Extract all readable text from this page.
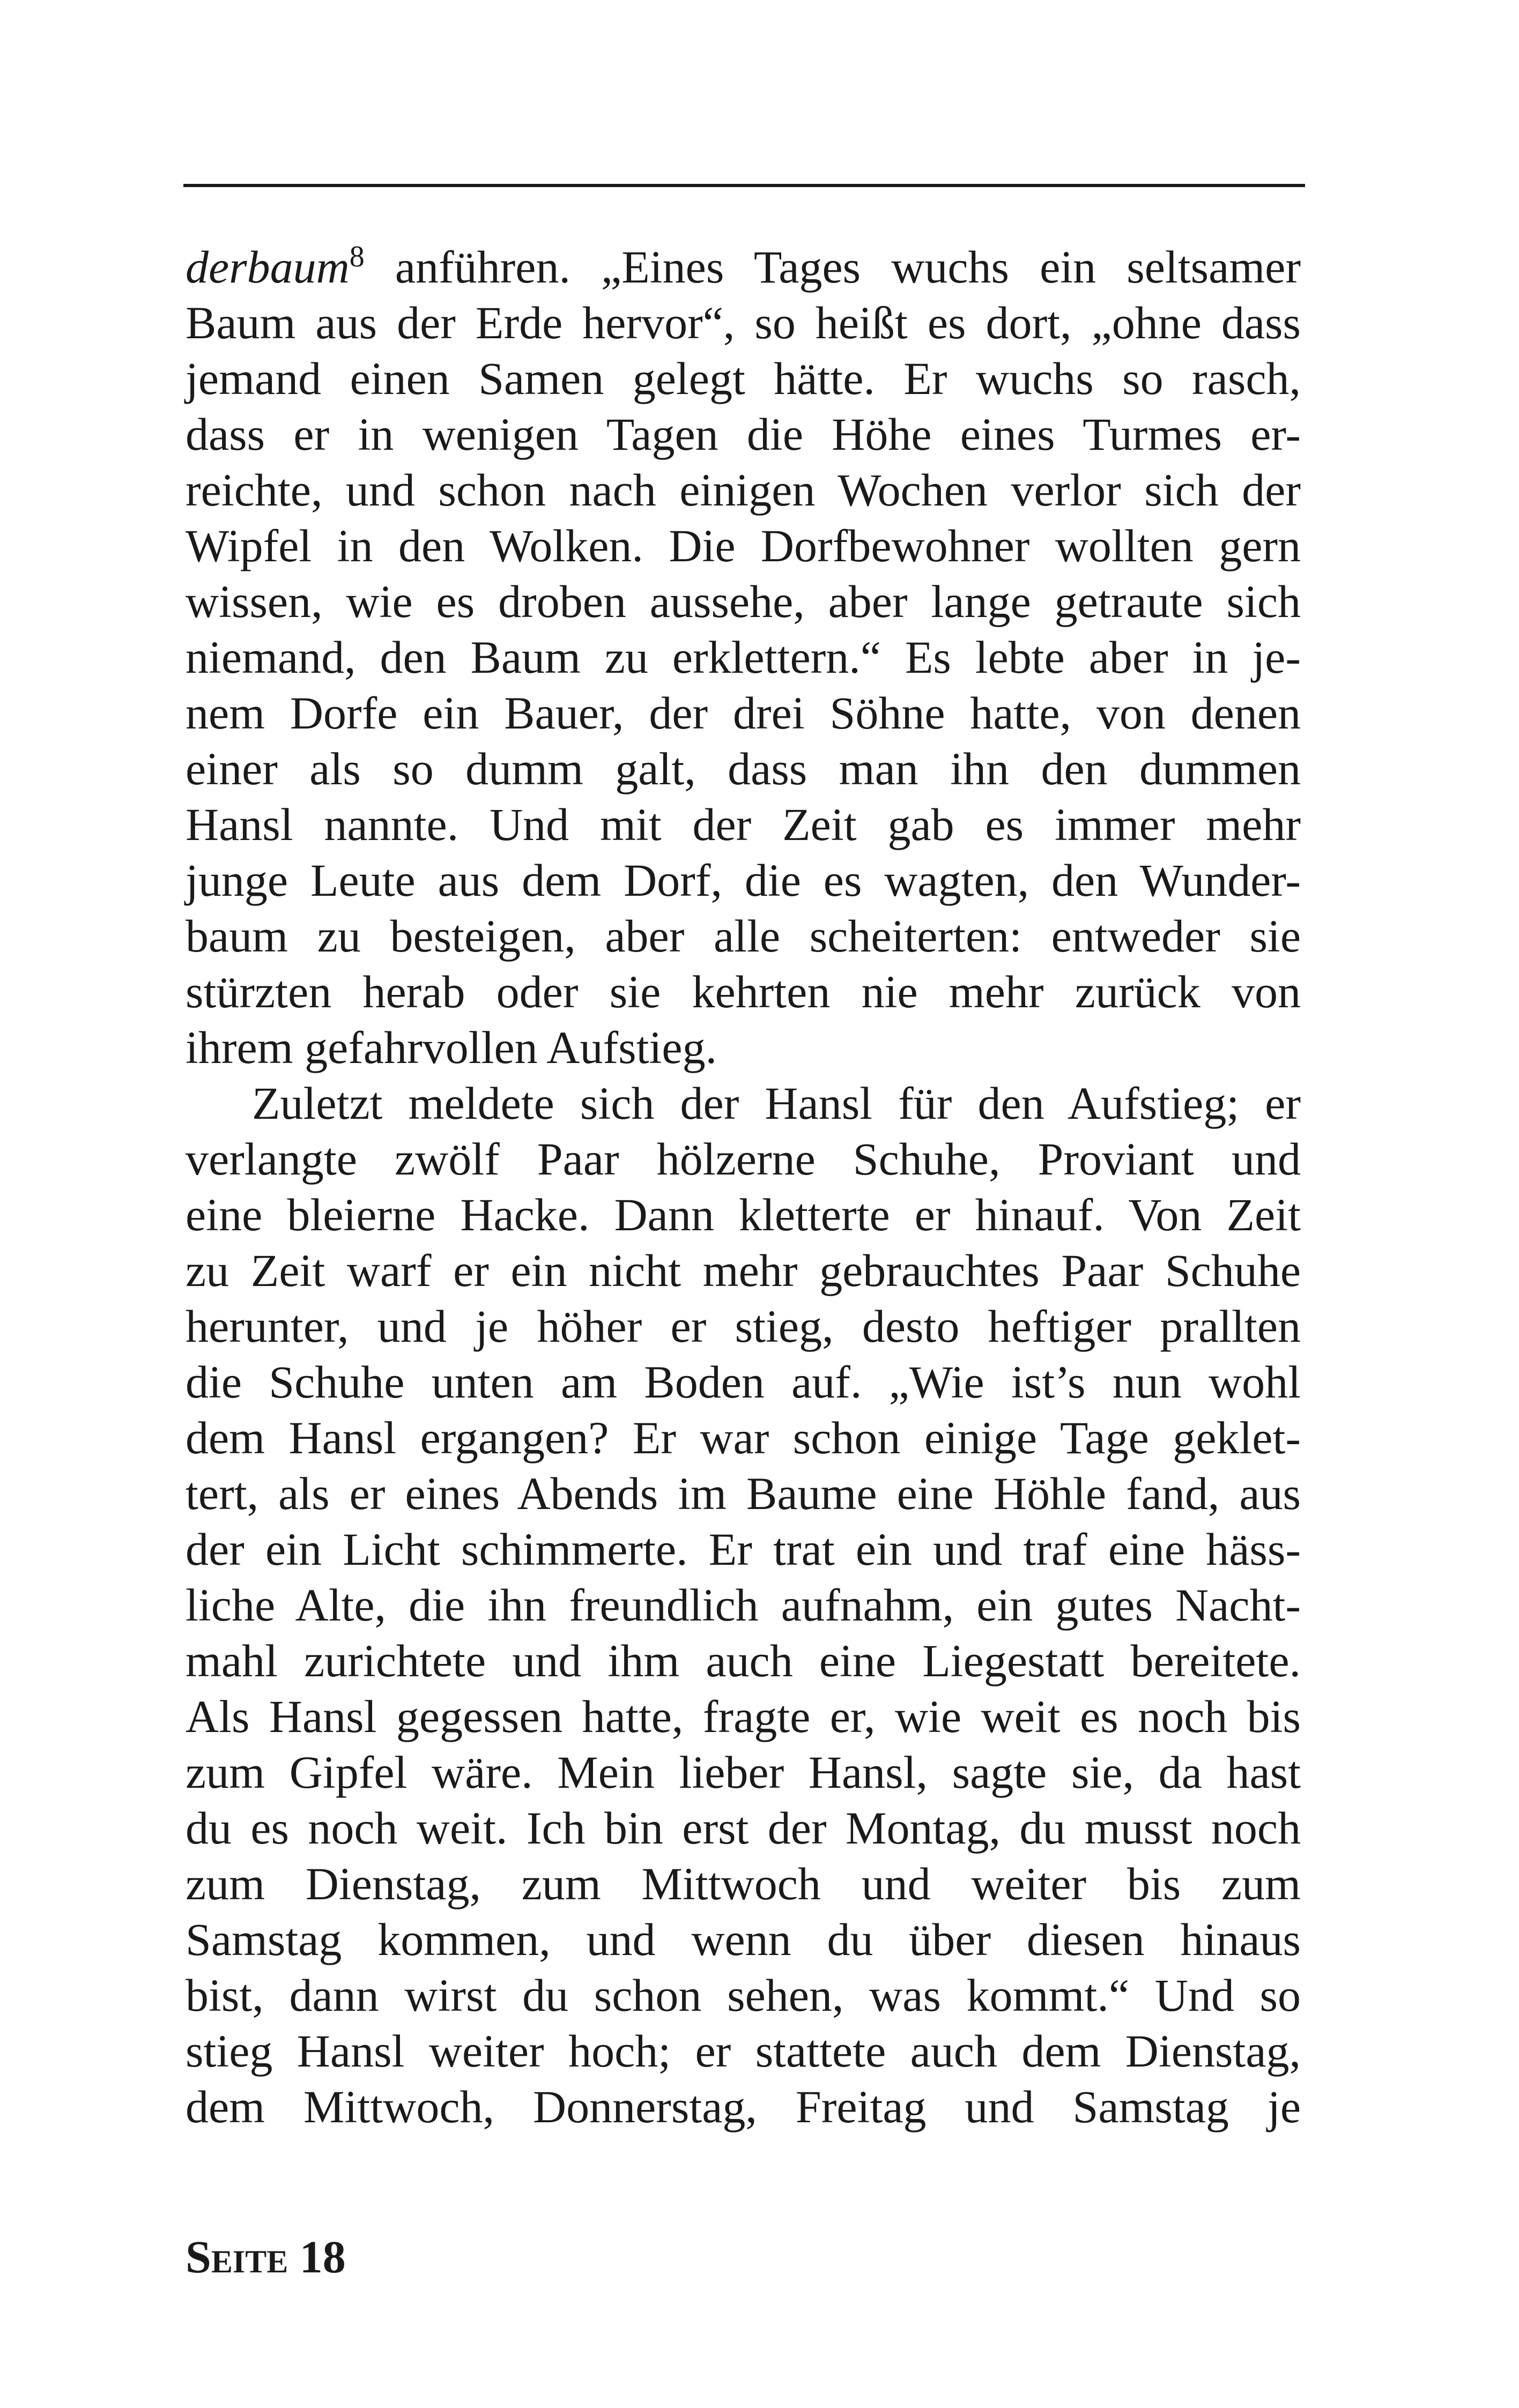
derbaum$^8$ anführen. „Eines Tages wuchs ein seltsamer
Baum aus der Erde hervor“, so heißt es dort, „ohne dass
jemand einen Samen gelegt hätte. Er wuchs so rasch,
dass er in wenigen Tagen die Höhe eines Turmes er-
reichte, und schon nach einigen Wochen verlor sich der
Wipfel in den Wolken. Die Dorfbewohner wollten gern
wissen, wie es droben aussehe, aber lange getraute sich
niemand, den Baum zu erklettern.“ Es lebte aber in je-
nem Dorfe ein Bauer, der drei Söhne hatte, von denen
einer als so dumm galt, dass man ihn den dummen
Hansl nannte. Und mit der Zeit gab es immer mehr
junge Leute aus dem Dorf, die es wagten, den Wunder-
baum zu besteigen, aber alle scheiterten: entweder sie
stürzten herab oder sie kehrten nie mehr zurück von
ihrem gefahrvollen Aufstieg.
Zuletzt meldete sich der Hansl für den Aufstieg; er
verlangte zwölf Paar hölzerne Schuhe, Proviant und
eine bleierne Hacke. Dann kletterte er hinauf. Von Zeit
zu Zeit warf er ein nicht mehr gebrauchtes Paar Schuhe
herunter, und je höher er stieg, desto heftiger prallten
die Schuhe unten am Boden auf. „Wie ist’s nun wohl
dem Hansl ergangen? Er war schon einige Tage geklet-
tert, als er eines Abends im Baume eine Höhle fand, aus
der ein Licht schimmerte. Er trat ein und traf eine häss-
liche Alte, die ihn freundlich aufnahm, ein gutes Nacht-
mahl zurichtete und ihm auch eine Liegestatt bereitete.
Als Hansl gegessen hatte, fragte er, wie weit es noch bis
zum Gipfel wäre. Mein lieber Hansl, sagte sie, da hast
du es noch weit. Ich bin erst der Montag, du musst noch
zum Dienstag, zum Mittwoch und weiter bis zum
Samstag kommen, und wenn du über diesen hinaus
bist, dann wirst du schon sehen, was kommt.“ Und so
stieg Hansl weiter hoch; er stattete auch dem Dienstag,
dem Mittwoch, Donnerstag, Freitag und Samstag je
Seite 18
